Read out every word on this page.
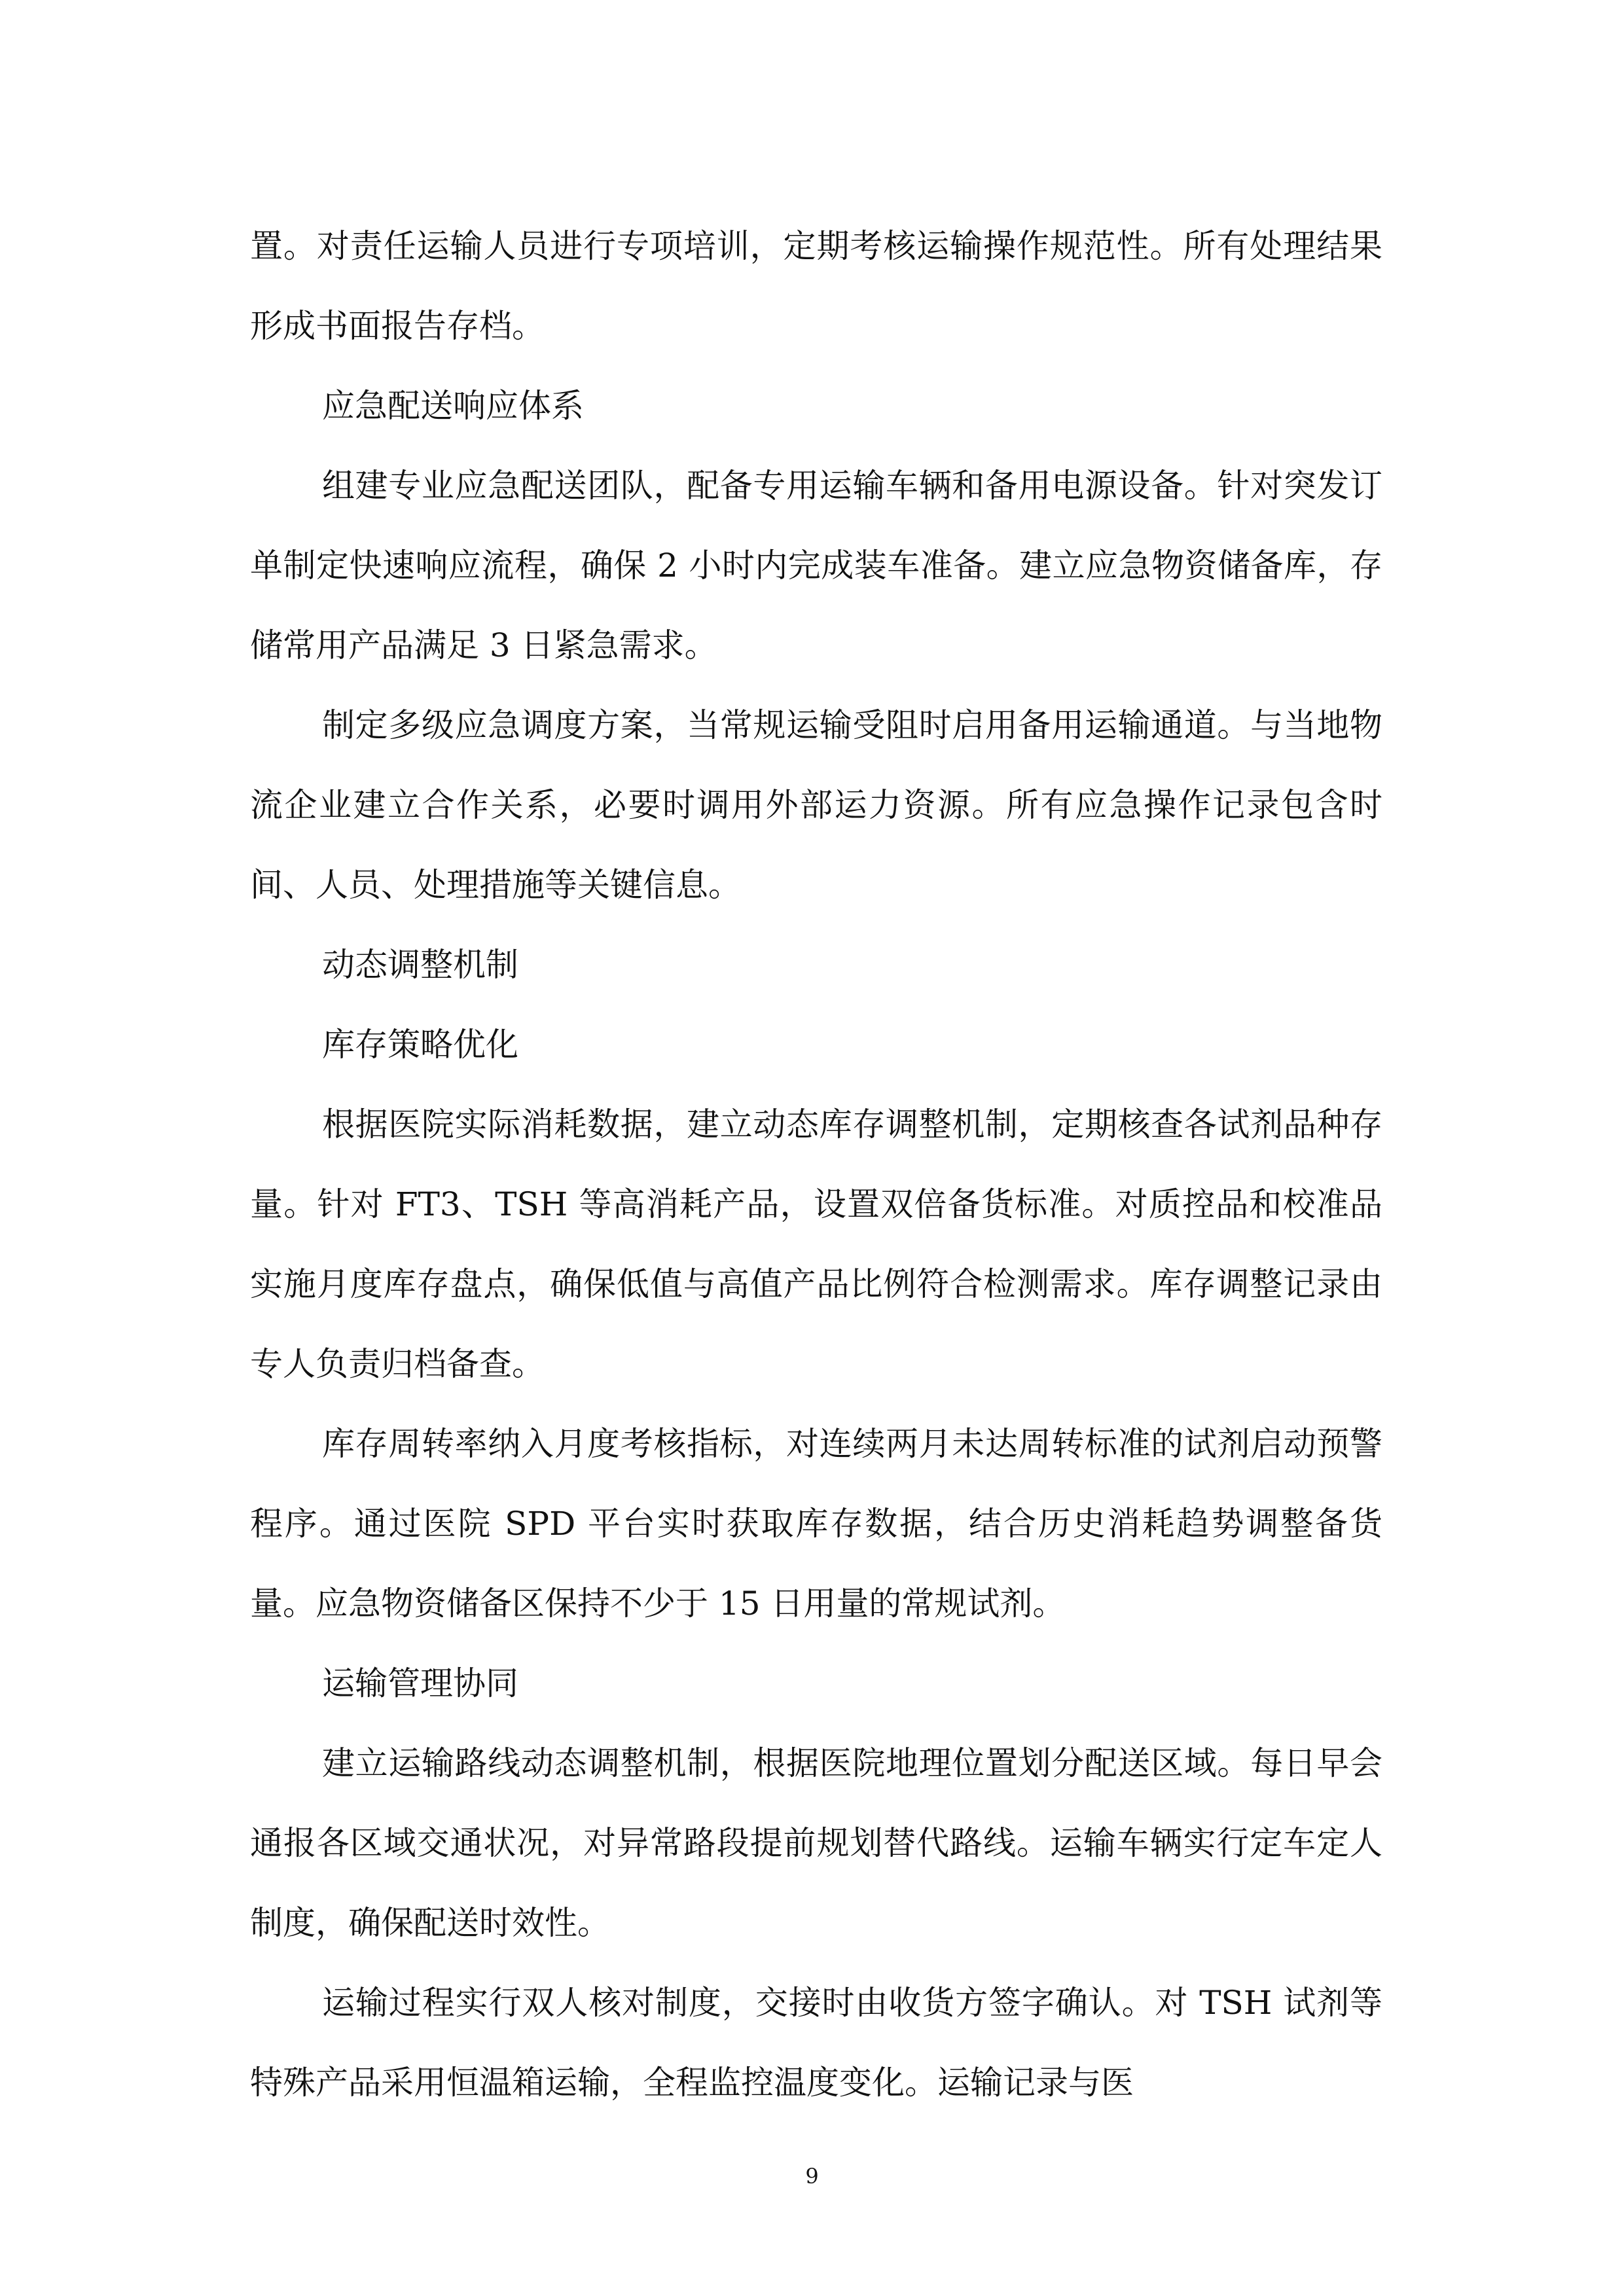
置。对责任运输人员进行专项培训，定期考核运输操作规范性。所有处理结果形成书面报告存档。

应急配送响应体系

组建专业应急配送团队，配备专用运输车辆和备用电源设备。针对突发订单制定快速响应流程，确保 2 小时内完成装车准备。建立应急物资储备库，存储常用产品满足 3 日紧急需求。

制定多级应急调度方案，当常规运输受阻时启用备用运输通道。与当地物流企业建立合作关系，必要时调用外部运力资源。所有应急操作记录包含时间、人员、处理措施等关键信息。

动态调整机制

库存策略优化

根据医院实际消耗数据，建立动态库存调整机制，定期核查各试剂品种存量。针对 FT3、TSH 等高消耗产品，设置双倍备货标准。对质控品和校准品实施月度库存盘点，确保低值与高值产品比例符合检测需求。库存调整记录由专人负责归档备查。

库存周转率纳入月度考核指标，对连续两月未达周转标准的试剂启动预警程序。通过医院 SPD 平台实时获取库存数据，结合历史消耗趋势调整备货量。应急物资储备区保持不少于 15 日用量的常规试剂。

运输管理协同

建立运输路线动态调整机制，根据医院地理位置划分配送区域。每日早会通报各区域交通状况，对异常路段提前规划替代路线。运输车辆实行定车定人制度，确保配送时效性。

运输过程实行双人核对制度，交接时由收货方签字确认。对 TSH 试剂等特殊产品采用恒温箱运输，全程监控温度变化。运输记录与医

9
